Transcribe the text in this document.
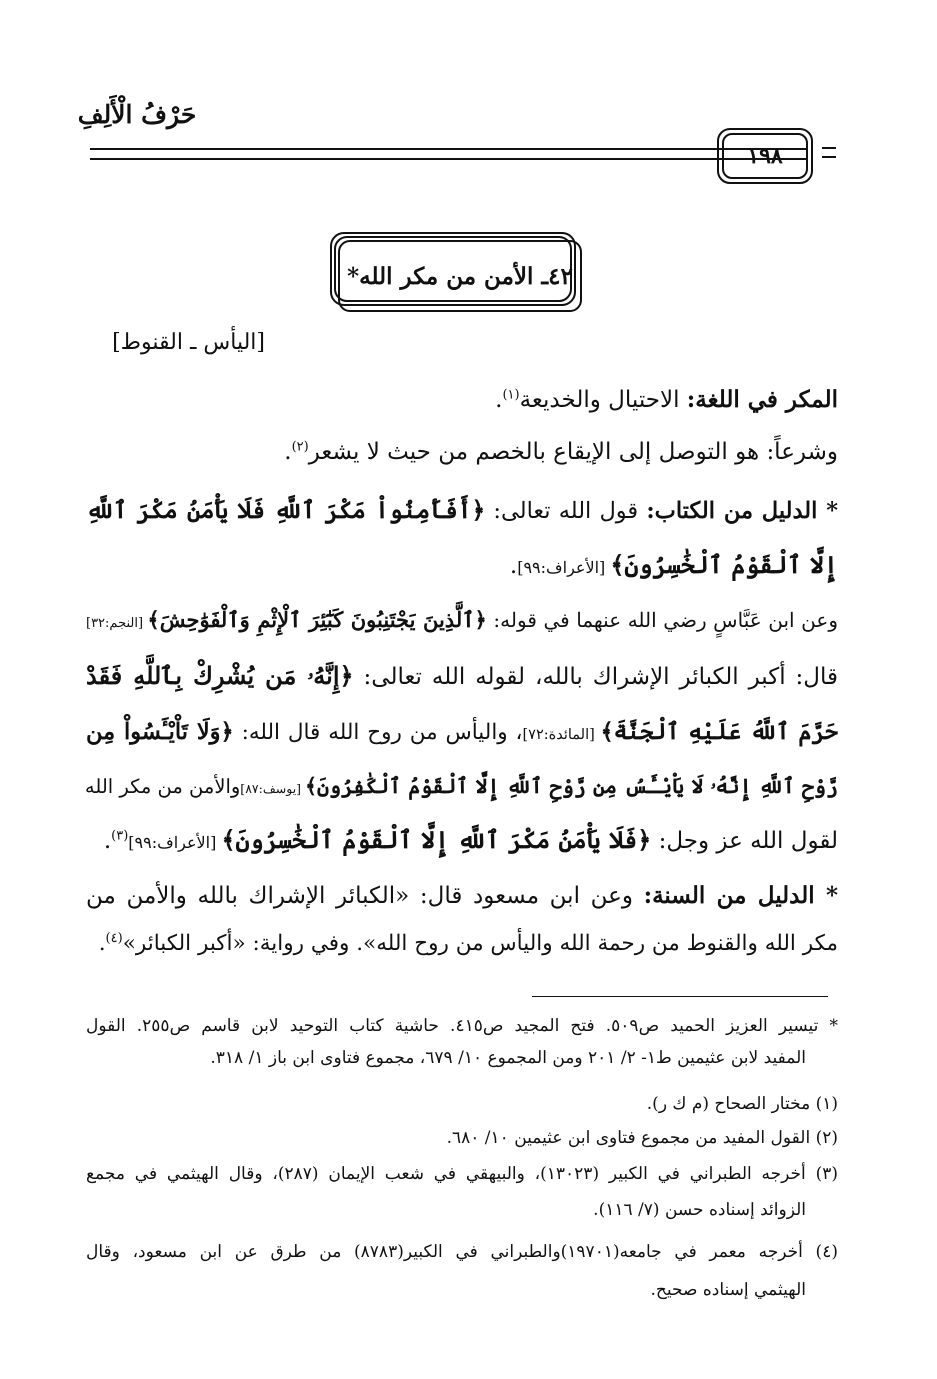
حَرْفُ الْأَلِفِ
١٩٨
٤٢ـ الأمن من مكر الله*
[اليأس ـ القنوط]
المكر في اللغة: الاحتيال والخديعة$^{(١)}$.
وشرعاً: هو التوصل إلى الإيقاع بالخصم من حيث لا يشعر$^{(٢)}$.
* الدليل من الكتاب: قول الله تعالى: ﴿أَفَأَمِنُواْ مَكْرَ ٱللَّهِ فَلَا يَأْمَنُ مَكْرَ ٱللَّهِ
إِلَّا ٱلْقَوْمُ ٱلْخَٰسِرُونَ﴾ [الأعراف:٩٩].
وعن ابن عَبَّاسٍ رضي الله عنهما في قوله: ﴿ٱلَّذِينَ يَجْتَنِبُونَ كَبَٰٓئِرَ ٱلْإِثْمِ وَٱلْفَوَٰحِشَ﴾ [النجم:٣٢]
قال: أكبر الكبائر الإشراك بالله، لقوله الله تعالى: ﴿إِنَّهُۥ مَن يُشْرِكْ بِٱللَّهِ فَقَدْ
حَرَّمَ ٱللَّهُ عَلَيْهِ ٱلْجَنَّةَ﴾ [المائدة:٧٢]، واليأس من روح الله قال الله: ﴿وَلَا تَاْيْـَٔسُواْ مِن
رَّوْحِ ٱللَّهِ إِنَّهُۥ لَا يَاْيْـَٔسُ مِن رَّوْحِ ٱللَّهِ إِلَّا ٱلْقَوْمُ ٱلْكَٰفِرُونَ﴾ [يوسف:٨٧]والأمن من مكر الله
لقول الله عز وجل: ﴿فَلَا يَأْمَنُ مَكْرَ ٱللَّهِ إِلَّا ٱلْقَوْمُ ٱلْخَٰسِرُونَ﴾ [الأعراف:٩٩]$^{(٣)}$.
* الدليل من السنة: وعن ابن مسعود قال: «الكبائر الإشراك بالله والأمن من
مكر الله والقنوط من رحمة الله واليأس من روح الله». وفي رواية: «أكبر الكبائر»$^{(٤)}$.
* تيسير العزيز الحميد ص٥٠٩. فتح المجيد ص٤١٥. حاشية كتاب التوحيد لابن قاسم ص٢٥٥. القول
المفيد لابن عثيمين ط١- ٢/ ٢٠١ ومن المجموع ١٠/ ٦٧٩، مجموع فتاوى ابن باز ١/ ٣١٨.
(١) مختار الصحاح (م ك ر).
(٢) القول المفيد من مجموع فتاوى ابن عثيمين ١٠/ ٦٨٠.
(٣) أخرجه الطبراني في الكبير (١٣٠٢٣)، والبيهقي في شعب الإيمان (٢٨٧)، وقال الهيثمي في مجمع
الزوائد إسناده حسن (٧/ ١١٦).
(٤) أخرجه معمر في جامعه(١٩٧٠١)والطبراني في الكبير(٨٧٨٣) من طرق عن ابن مسعود، وقال
الهيثمي إسناده صحيح.
